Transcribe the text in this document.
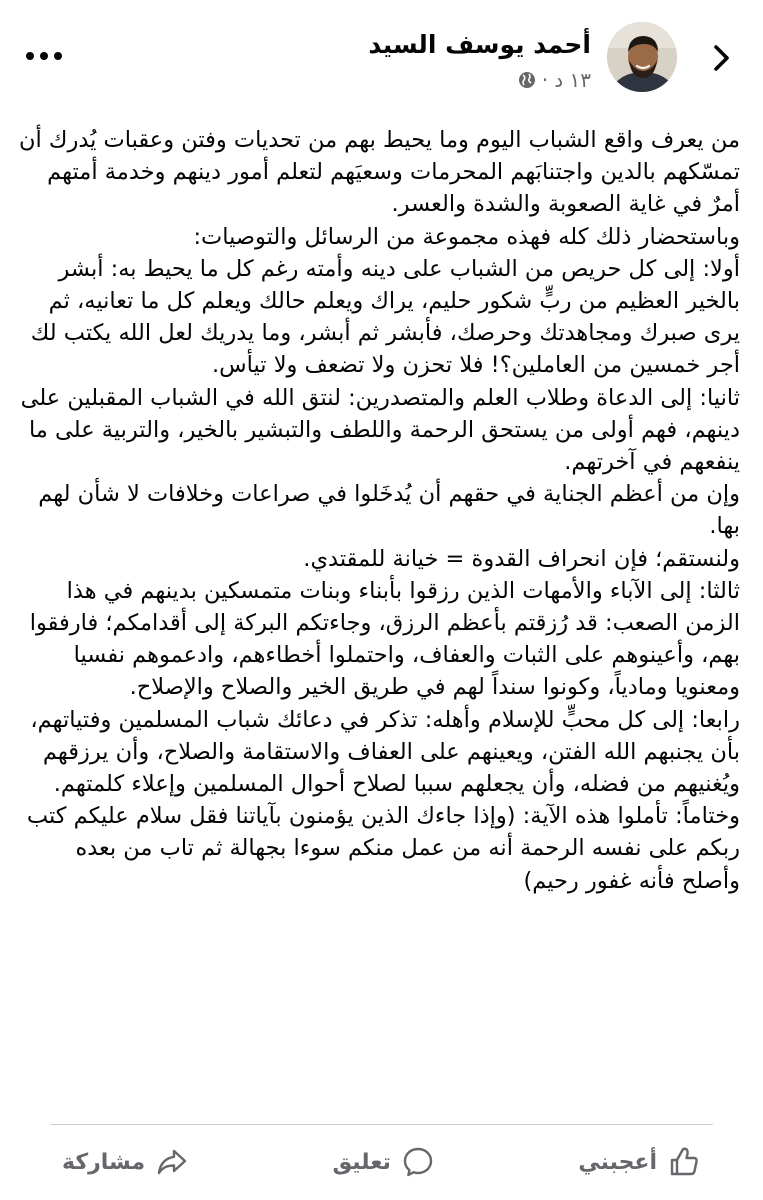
أحمد يوسف السيد
١٣ د
·

من يعرف واقع الشباب اليوم وما يحيط بهم من تحديات وفتن وعقبات يُدرك أن تمسّكهم بالدين واجتنابَهم المحرمات وسعيَهم لتعلم أمور دينهم وخدمة أمتهم أمرٌ في غاية الصعوبة والشدة والعسر.

وباستحضار ذلك كله فهذه مجموعة من الرسائل والتوصيات:

أولا: إلى كل حريص من الشباب على دينه وأمته رغم كل ما يحيط به: أبشر بالخير العظيم من ربٍّ شكور حليم، يراك ويعلم حالك ويعلم كل ما تعانيه، ثم يرى صبرك ومجاهدتك وحرصك، فأبشر ثم أبشر، وما يدريك لعل الله يكتب لك أجر خمسين من العاملين؟! فلا تحزن ولا تضعف ولا تيأس.

ثانيا: إلى الدعاة وطلاب العلم والمتصدرين: لنتق الله في الشباب المقبلين على دينهم، فهم أولى من يستحق الرحمة واللطف والتبشير بالخير، والتربية على ما ينفعهم في آخرتهم.

وإن من أعظم الجناية في حقهم أن يُدخَلوا في صراعات وخلافات لا شأن لهم بها.

ولنستقم؛ فإن انحراف القدوة = خيانة للمقتدي.

ثالثا: إلى الآباء والأمهات الذين رزقوا بأبناء وبنات متمسكين بدينهم في هذا الزمن الصعب: قد رُزقتم بأعظم الرزق، وجاءتكم البركة إلى أقدامكم؛ فارفقوا بهم، وأعينوهم على الثبات والعفاف، واحتملوا أخطاءهم، وادعموهم نفسيا ومعنويا ومادياً، وكونوا سنداً لهم في طريق الخير والصلاح والإصلاح.

رابعا: إلى كل محبٍّ للإسلام وأهله: تذكر في دعائك شباب المسلمين وفتياتهم، بأن يجنبهم الله الفتن، ويعينهم على العفاف والاستقامة والصلاح، وأن يرزقهم ويُغنيهم من فضله، وأن يجعلهم سببا لصلاح أحوال المسلمين وإعلاء كلمتهم.

وختاماً: تأملوا هذه الآية: (وإذا جاءك الذين يؤمنون بآياتنا فقل سلام عليكم كتب ربكم على نفسه الرحمة أنه من عمل منكم سوءا بجهالة ثم تاب من بعده وأصلح فأنه غفور رحيم)

أعجبني
تعليق
مشاركة
